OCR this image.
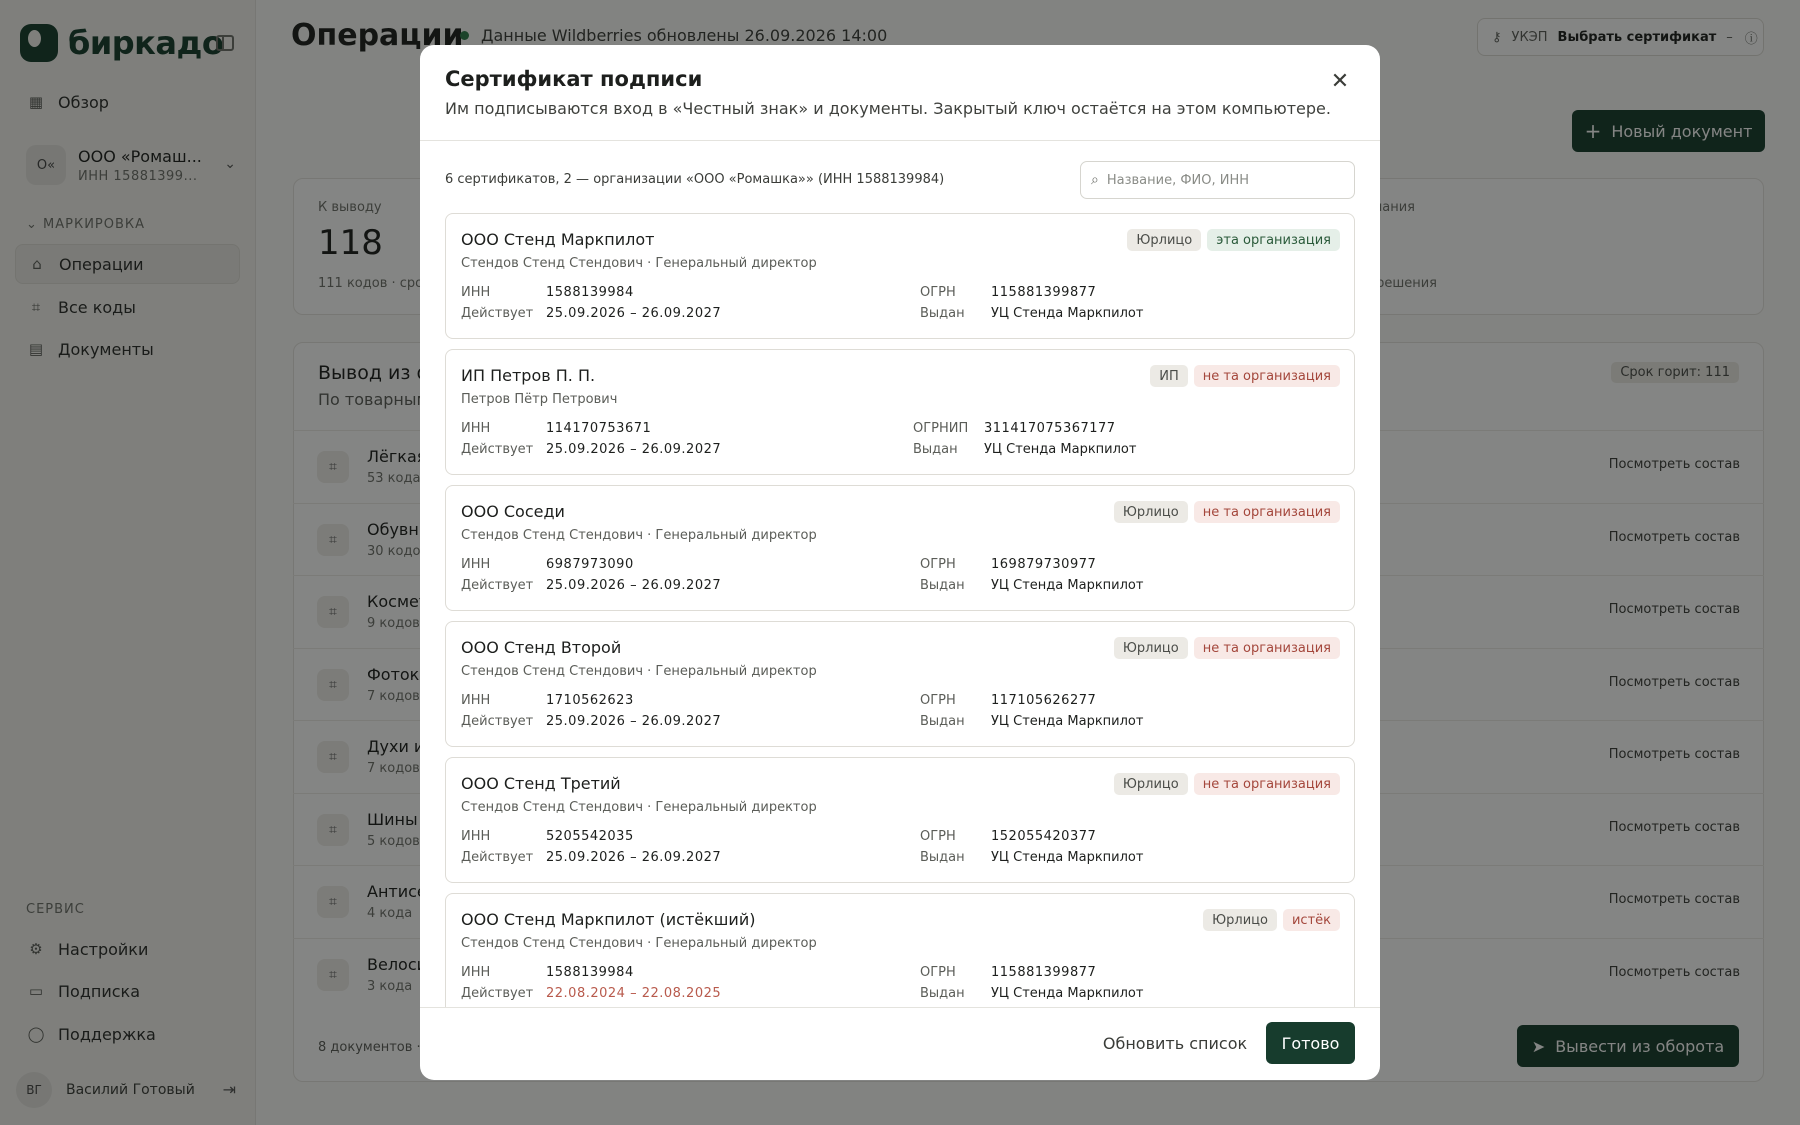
Сертификат подписи

Им подписываются вход в «Честный знак» и документы. Закрытый ключ остаётся на этом компьютере.

✕
6 сертификатов, 2 — организации «ООО «Ромашка»» (ИНН 1588139984)	⌕
Название, ФИО, ИНН
ООО Стенд Маркпилот
Стендов Стенд Стендович · Генеральный директор
Юрлицо	эта организация
ИНН	1588139984
Действует 25.09.2026 – 26.09.2027
ОГРН	115881399877
Выдан УЦ Стенда Маркпилот
ИП Петров П. П.
Петров Пётр Петрович
ИП	не та организация
ИНН	114170753671
Действует 25.09.2026 – 26.09.2027
ОГРНИП 311417075367177
Выдан УЦ Стенда Маркпилот
ООО Соседи
Стендов Стенд Стендович · Генеральный директор
Юрлицо	не та организация
ИНН	6987973090
Действует 25.09.2026 – 26.09.2027
ОГРН	169879730977
Выдан УЦ Стенда Маркпилот
ООО Стенд Второй
Стендов Стенд Стендович · Генеральный директор
Юрлицо	не та организация
ИНН	1710562623
Действует 25.09.2026 – 26.09.2027
ОГРН	117105626277
Выдан УЦ Стенда Маркпилот
ООО Стенд Третий
Стендов Стенд Стендович · Генеральный директор
Юрлицо	не та организация
ИНН	5205542035
Действует 25.09.2026 – 26.09.2027
ОГРН	152055420377
Выдан УЦ Стенда Маркпилот
ООО Стенд Маркпилот (истёкший)
Стендов Стенд Стендович · Генеральный директор
Юрлицо	истёк
ИНН	1588139984
Действует 22.08.2024 – 22.08.2025
ОГРН	115881399877
Выдан УЦ Стенда Маркпилот
Обновить список	Готово
